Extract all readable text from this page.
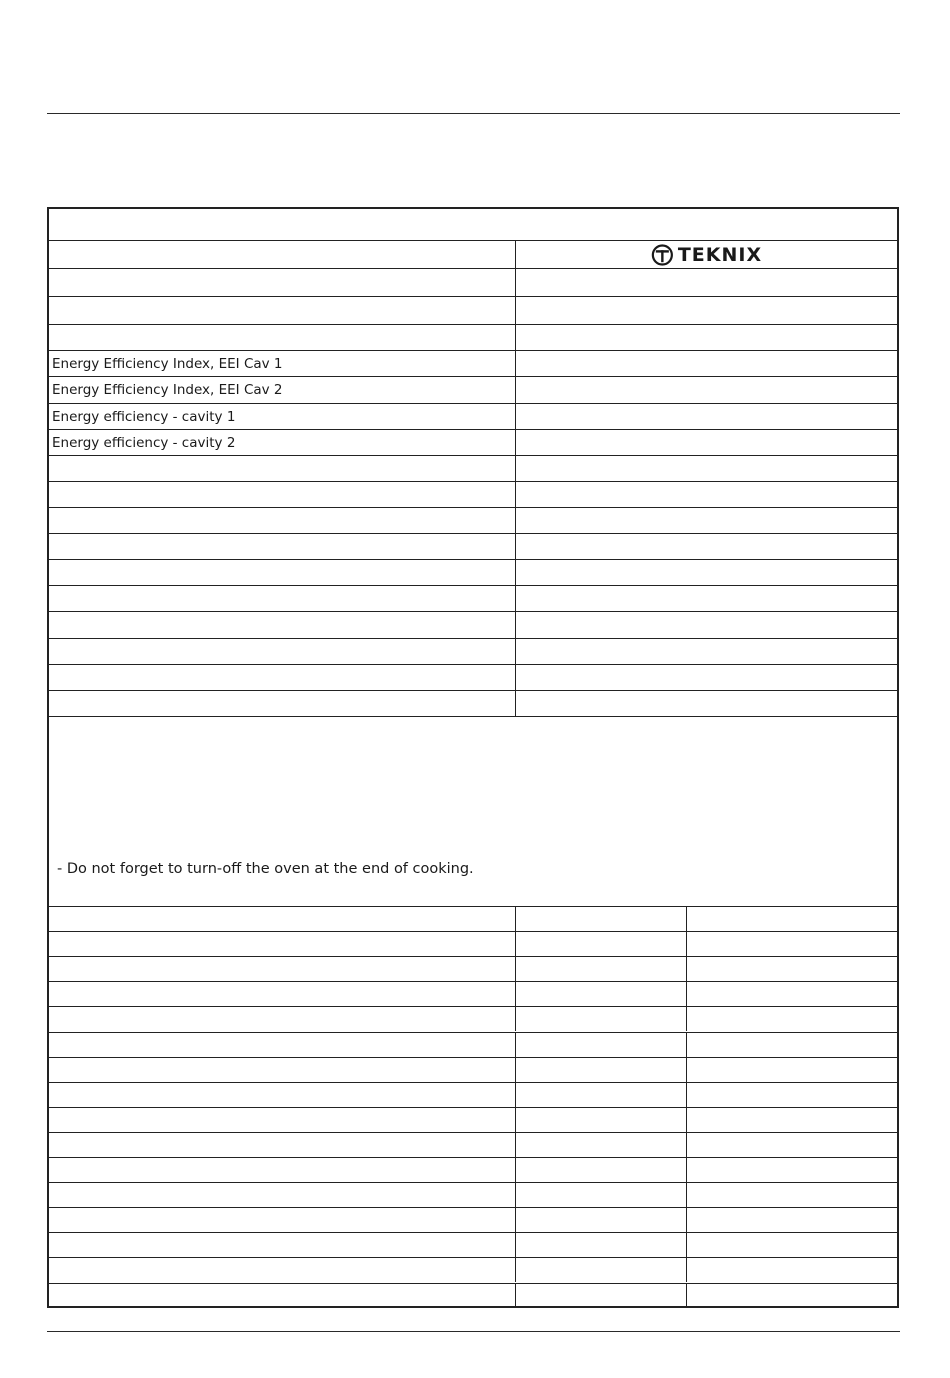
TEKNIX
Energy Efficiency Index, EEI Cav 1
Energy Efficiency Index, EEI Cav 2
Energy efficiency - cavity 1
Energy efficiency - cavity 2
- Do not forget to turn-off the oven at the end of cooking.
